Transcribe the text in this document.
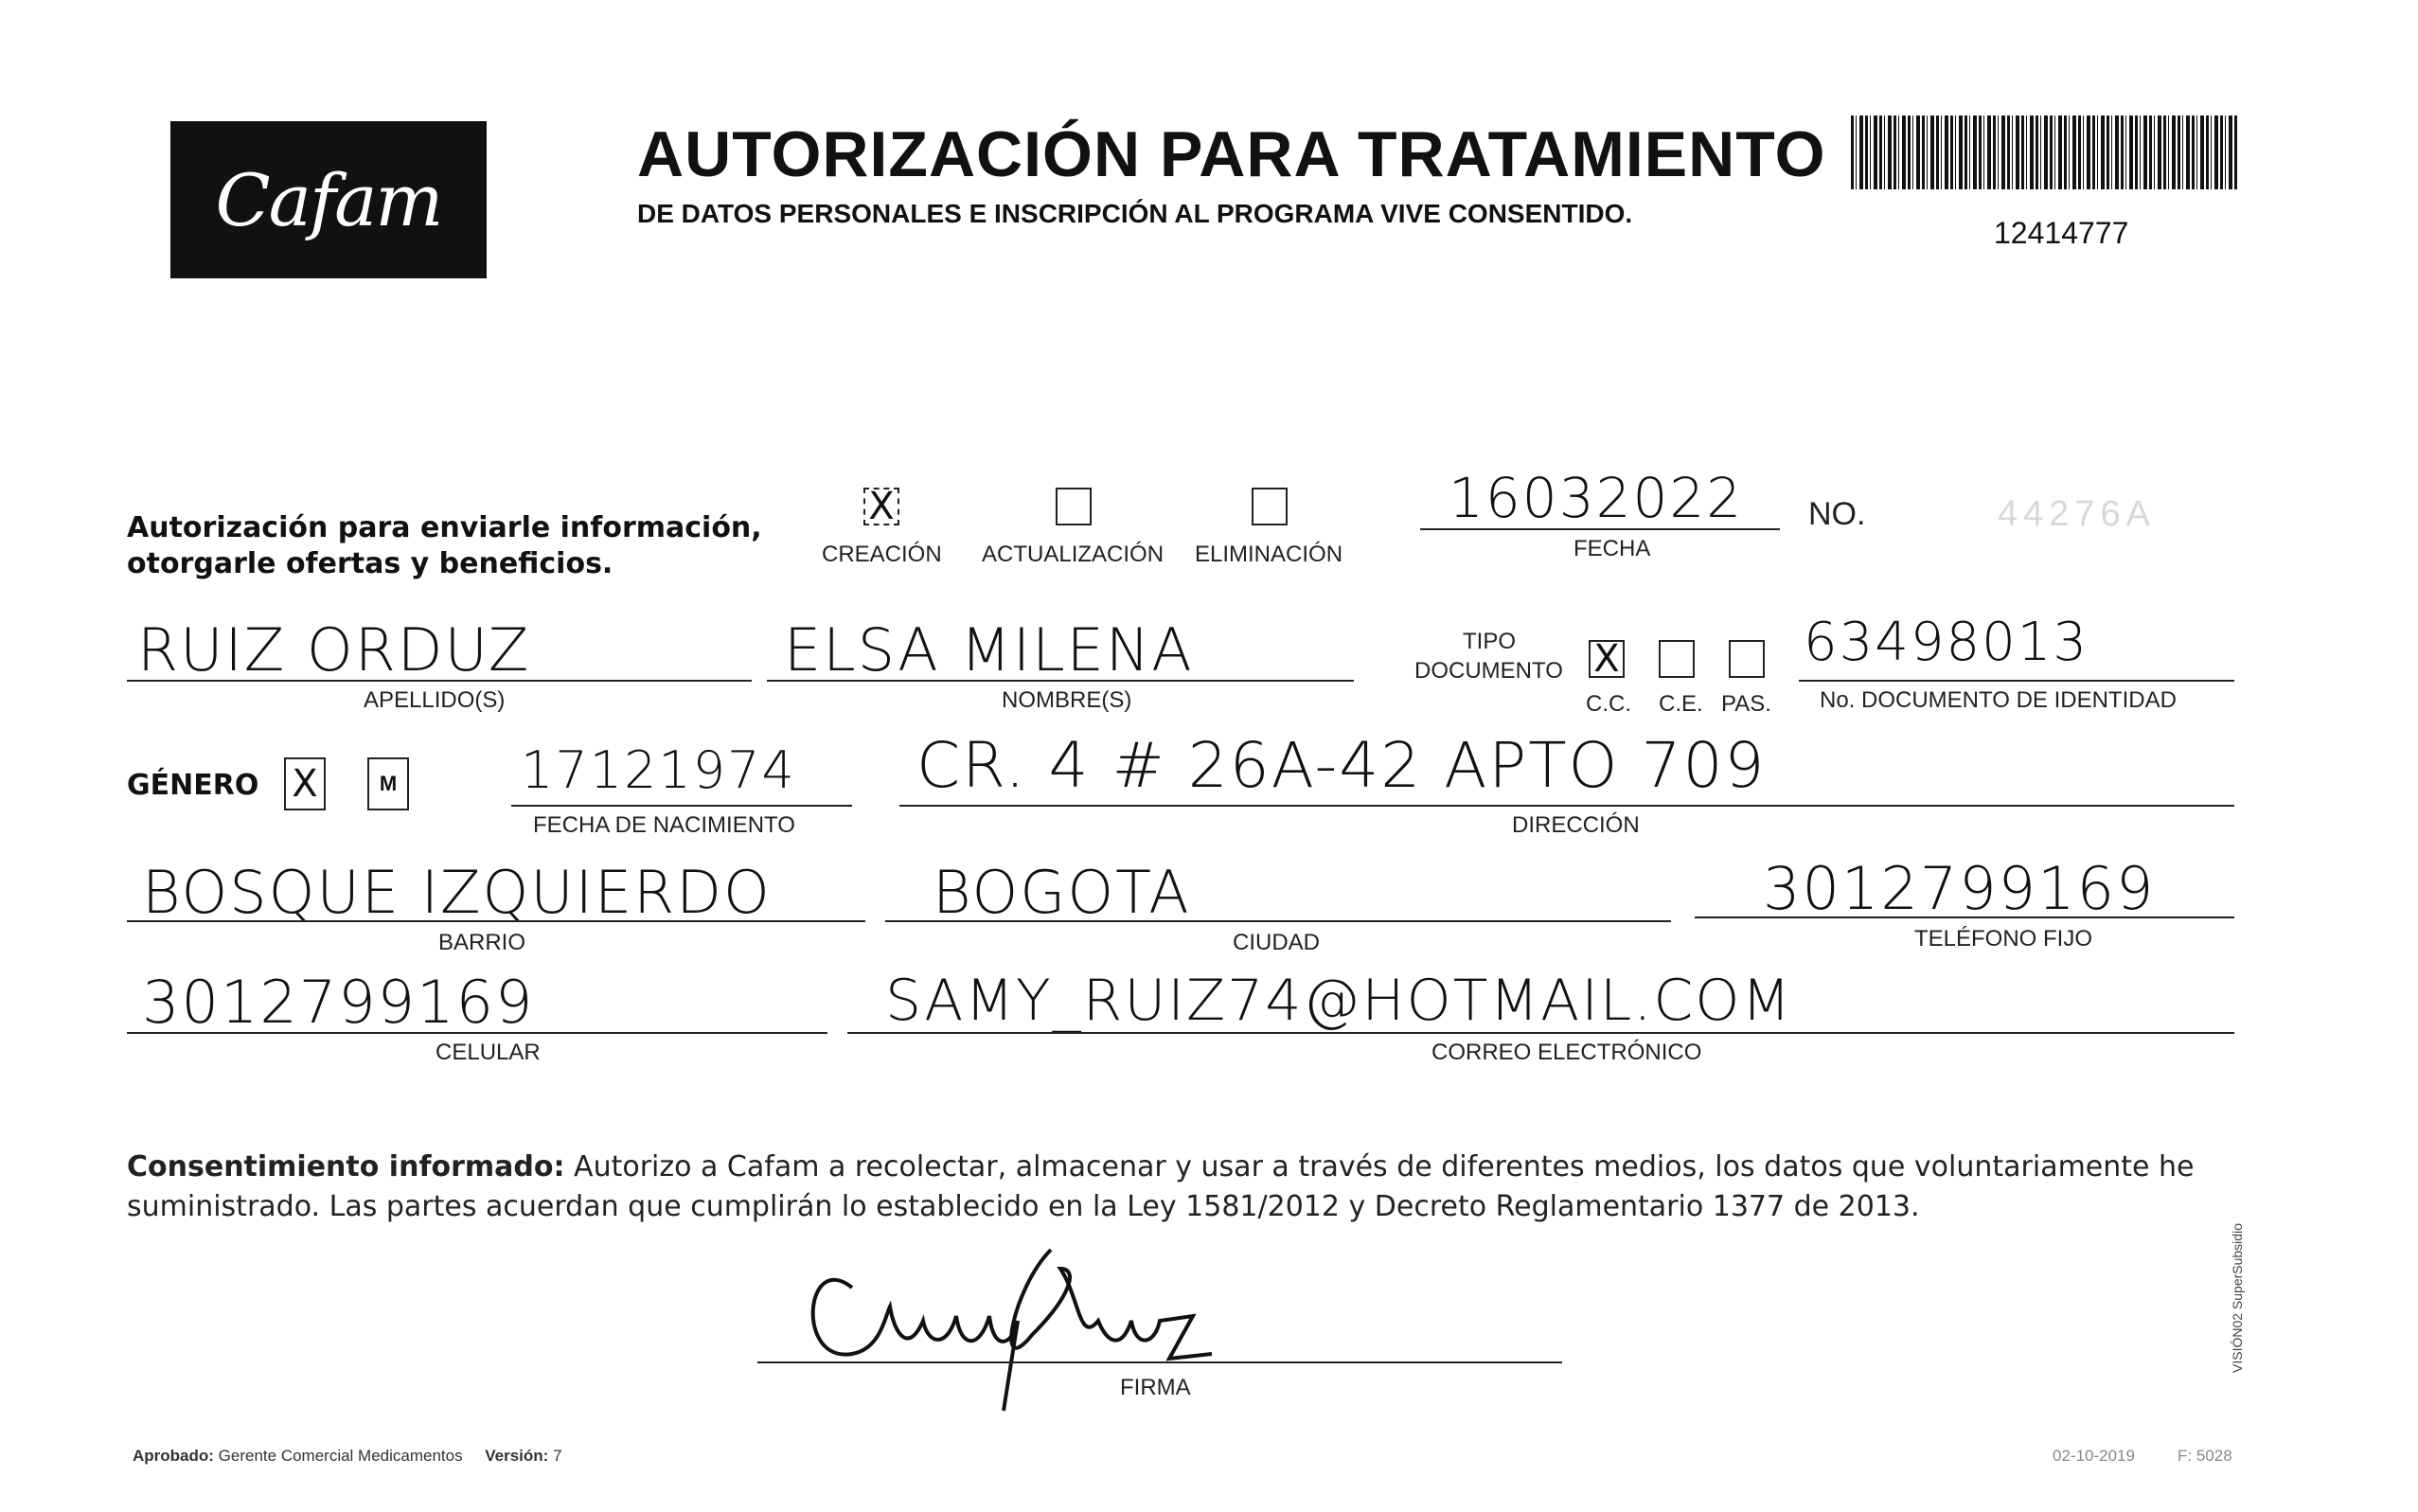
Cafam
AUTORIZACIÓN PARA TRATAMIENTO
DE DATOS PERSONALES E INSCRIPCIÓN AL PROGRAMA VIVE CONSENTIDO.
12414777
Autorización para enviarle información,
otorgarle ofertas y beneficios.
X
CREACIÓN ACTUALIZACIÓN ELIMINACIÓN
16032022
FECHA
NO.	44276A
RUIZ ORDUZ
APELLIDO(S)
ELSA MILENA
NOMBRE(S)
TIPO
DOCUMENTO X
C.C. C.E. PAS.
63498013
No. DOCUMENTO DE IDENTIDAD
GÉNERO X	M 17121974
FECHA DE NACIMIENTO
CR. 4 # 26A-42 APTO 709
DIRECCIÓN
BOSQUE IZQUIERDO
BARRIO
BOGOTA
CIUDAD
3012799169
TELÉFONO FIJO
3012799169
CELULAR
SAMY_RUIZ74@HOTMAIL.COM
CORREO ELECTRÓNICO
Consentimiento informado: Autorizo a Cafam a recolectar, almacenar y usar a través de diferentes medios, los datos que voluntariamente he suministrado. Las partes acuerdan que cumplirán lo establecido en la Ley 1581/2012 y Decreto Reglamentario 1377 de 2013.
FIRMA
Aprobado: Gerente Comercial Medicamentos Versión: 7	02-10-2019	F: 5028
VISIÓN02 SuperSubsidio
